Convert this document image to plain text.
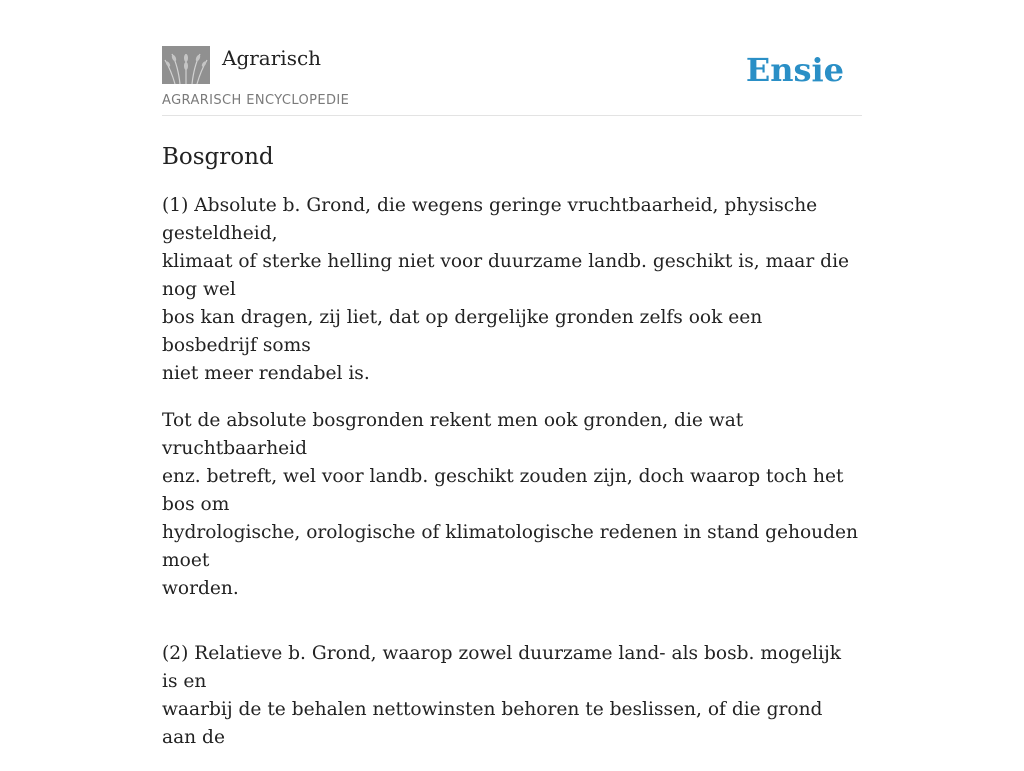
Agrarisch
AGRARISCH ENCYCLOPEDIE
Ensie
Bosgrond

(1) Absolute b. Grond, die wegens geringe vruchtbaarheid, physische gesteldheid,
klimaat of sterke helling niet voor duurzame landb. geschikt is, maar die nog wel
bos kan dragen, zij liet, dat op dergelijke gronden zelfs ook een bosbedrijf soms
niet meer rendabel is.

Tot de absolute bosgronden rekent men ook gronden, die wat vruchtbaarheid
enz. betreft, wel voor landb. geschikt zouden zijn, doch waarop toch het bos om
hydrologische, orologische of klimatologische redenen in stand gehouden moet
worden.

(2) Relatieve b. Grond, waarop zowel duurzame land- als bosb. mogelijk is en
waarbij de te behalen nettowinsten behoren te beslissen, of die grond aan de
